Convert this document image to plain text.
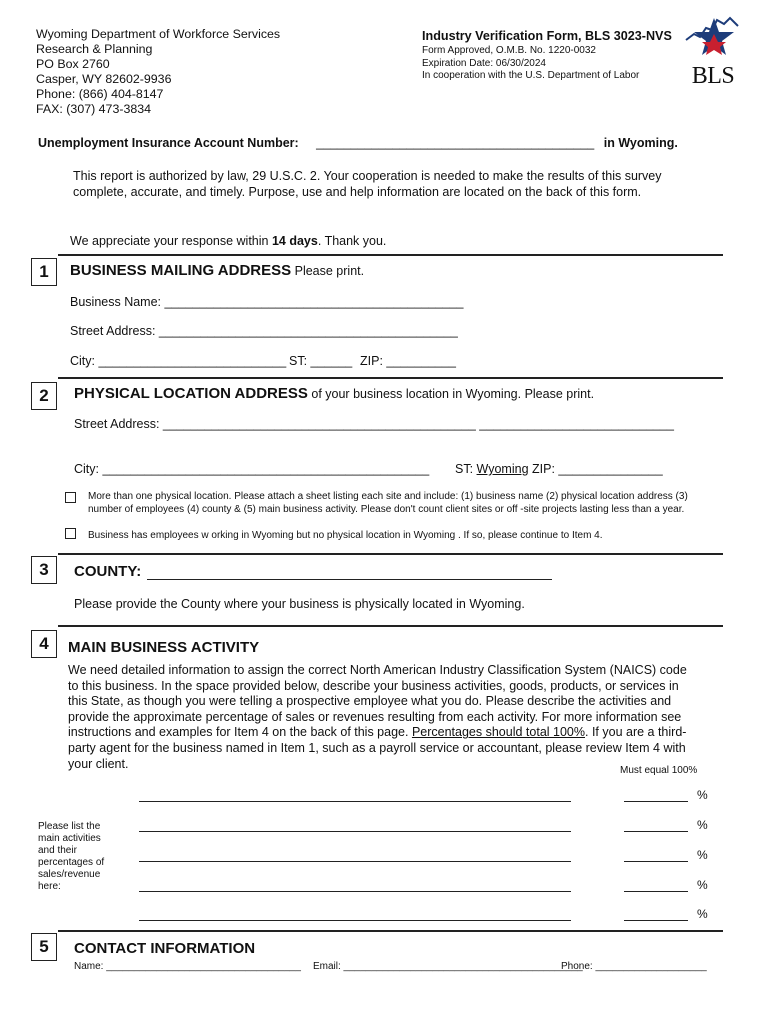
Wyoming Department of Workforce Services
Research & Planning
PO Box 2760
Casper, WY 82602-9936
Phone: (866) 404-8147
FAX: (307) 473-3834
Industry Verification Form, BLS 3023-NVS
Form Approved, O.M.B. No. 1220-0032
Expiration Date: 06/30/2024
In cooperation with the U.S. Department of Labor	BLS
Unemployment Insurance Account Number: ________________________________________ in Wyoming.
This report is authorized by law, 29 U.S.C. 2. Your cooperation is needed to make the results of this survey
complete, accurate, and timely. Purpose, use and help information are located on the back of this form.
We appreciate your response within 14 days. Thank you.
1	BUSINESS MAILING ADDRESS Please print.
Business Name: ___________________________________________
Street Address: ___________________________________________
City: ___________________________ ST: ______ ZIP: __________
2	PHYSICAL LOCATION ADDRESS of your business location in Wyoming. Please print.
Street Address: _____________________________________________ ____________________________
City: _______________________________________________ ST: Wyoming ZIP: _______________
More than one physical location. Please attach a sheet listing each site and include: (1) business name (2) physical location address (3)
number of employees (4) county & (5) main business activity. Please don't count client sites or off -site projects lasting less than a year.
Business has employees w orking in Wyoming but no physical location in Wyoming . If so, please continue to Item 4.
3	COUNTY:
Please provide the County where your business is physically located in Wyoming.
4	MAIN BUSINESS ACTIVITY
We need detailed information to assign the correct North American Industry Classification System (NAICS) code to this business. In the space provided below, describe your business activities, goods, products, or services in this State, as though you were telling a prospective employee what you do. Please describe the activities and provide the approximate percentage of sales or revenues resulting from each activity. For more information see instructions and examples for Item 4 on the back of this page. Percentages should total 100%. If you are a third-party agent for the business named in Item 1, such as a payroll service or accountant, please review Item 4 with your client.	Must equal 100%
Please list the main activities and their percentages of sales/revenue here:
%
%
%
%
%
5	CONTACT INFORMATION
Name: ___________________________________ Email: ___________________________________________
Phone: ____________________
